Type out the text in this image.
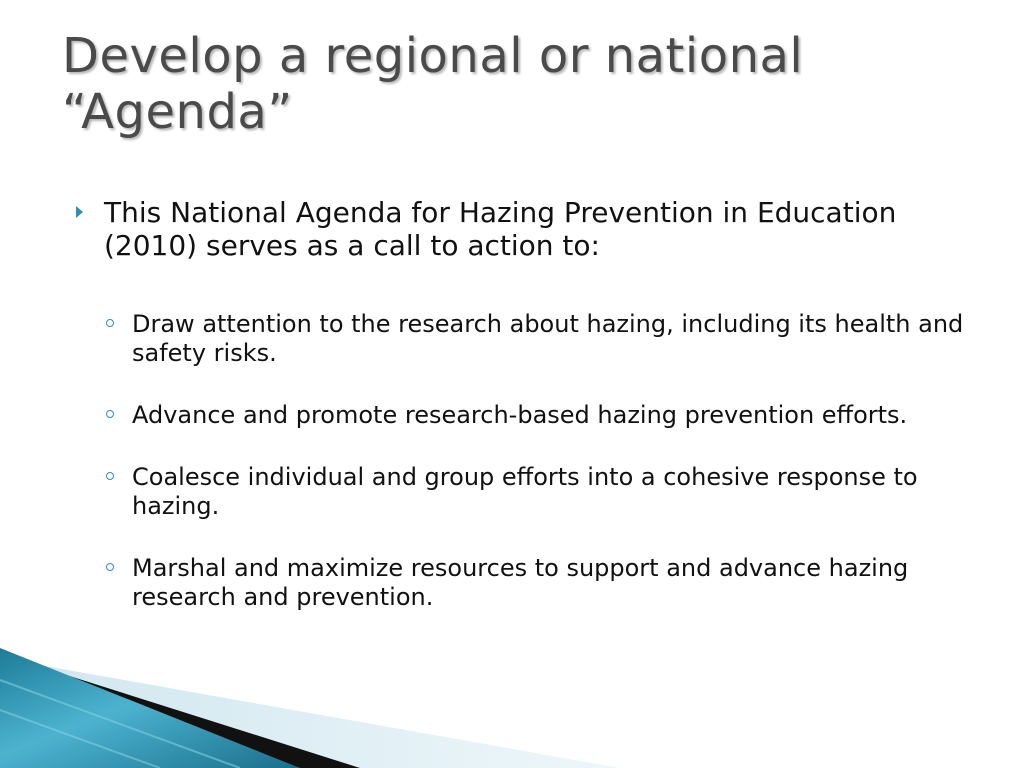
Develop a regional or national
“Agenda”
This National Agenda for Hazing Prevention in Education (2010) serves as a call to action to:
Draw attention to the research about hazing, including its health and safety risks.
Advance and promote research-based hazing prevention efforts.
Coalesce individual and group efforts into a cohesive response to hazing.
Marshal and maximize resources to support and advance hazing research and prevention.
